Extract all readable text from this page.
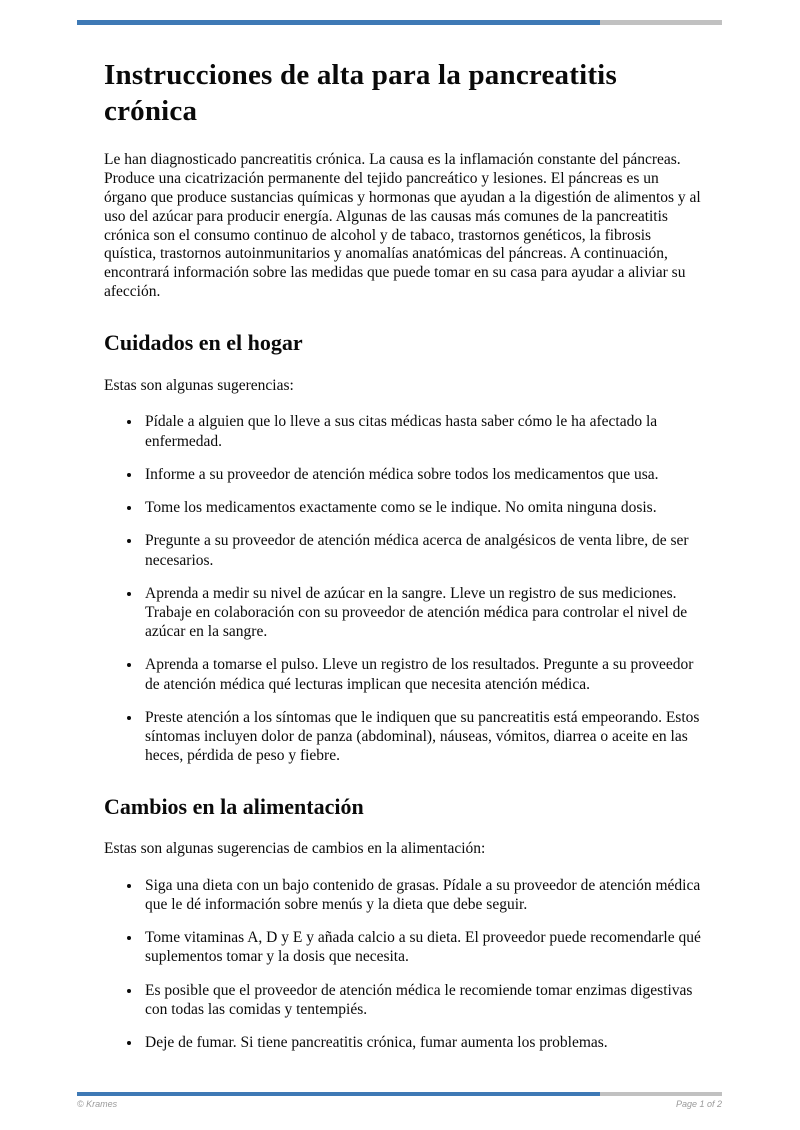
Instrucciones de alta para la pancreatitis crónica

Le han diagnosticado pancreatitis crónica. La causa es la inflamación constante del páncreas. Produce una cicatrización permanente del tejido pancreático y lesiones. El páncreas es un órgano que produce sustancias químicas y hormonas que ayudan a la digestión de alimentos y al uso del azúcar para producir energía. Algunas de las causas más comunes de la pancreatitis crónica son el consumo continuo de alcohol y de tabaco, trastornos genéticos, la fibrosis quística, trastornos autoinmunitarios y anomalías anatómicas del páncreas. A continuación, encontrará información sobre las medidas que puede tomar en su casa para ayudar a aliviar su afección.

Cuidados en el hogar

Estas son algunas sugerencias:

• Pídale a alguien que lo lleve a sus citas médicas hasta saber cómo le ha afectado la enfermedad.
• Informe a su proveedor de atención médica sobre todos los medicamentos que usa.
• Tome los medicamentos exactamente como se le indique. No omita ninguna dosis.
• Pregunte a su proveedor de atención médica acerca de analgésicos de venta libre, de ser necesarios.
• Aprenda a medir su nivel de azúcar en la sangre. Lleve un registro de sus mediciones. Trabaje en colaboración con su proveedor de atención médica para controlar el nivel de azúcar en la sangre.
• Aprenda a tomarse el pulso. Lleve un registro de los resultados. Pregunte a su proveedor de atención médica qué lecturas implican que necesita atención médica.
• Preste atención a los síntomas que le indiquen que su pancreatitis está empeorando. Estos síntomas incluyen dolor de panza (abdominal), náuseas, vómitos, diarrea o aceite en las heces, pérdida de peso y fiebre.
Cambios en la alimentación

Estas son algunas sugerencias de cambios en la alimentación:

• Siga una dieta con un bajo contenido de grasas. Pídale a su proveedor de atención médica que le dé información sobre menús y la dieta que debe seguir.
• Tome vitaminas A, D y E y añada calcio a su dieta. El proveedor puede recomendarle qué suplementos tomar y la dosis que necesita.
• Es posible que el proveedor de atención médica le recomiende tomar enzimas digestivas con todas las comidas y tentempiés.
• Deje de fumar. Si tiene pancreatitis crónica, fumar aumenta los problemas.
© Krames	Page 1 of 2
